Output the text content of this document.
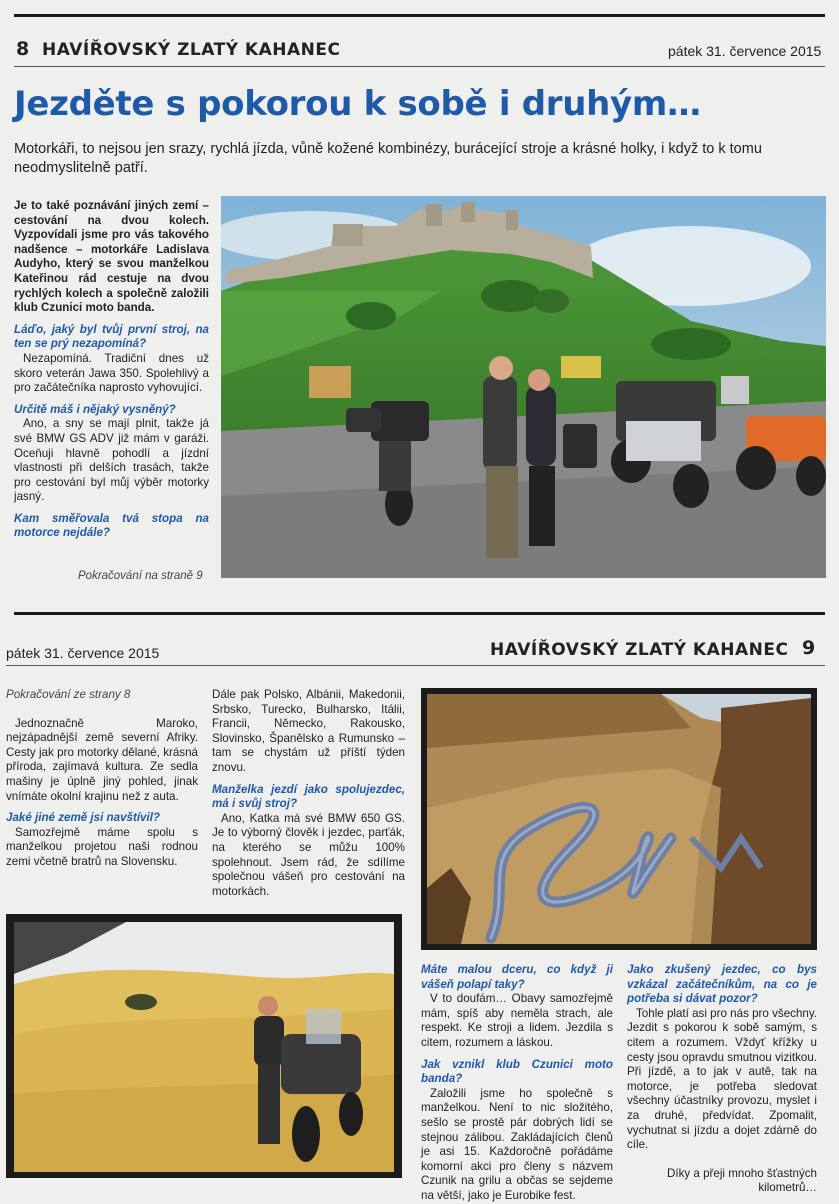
8 HAVÍŘOVSKÝ ZLATÝ KAHANEC	pátek 31. července 2015
Jezděte s pokorou k sobě i druhým…
Motorkáři, to nejsou jen srazy, rychlá jízda, vůně kožené kombinézy, burácející stroje a krásné holky, i když to k tomu neodmyslitelně patří.

Je to také poznávání jiných zemí – cestování na dvou kolech. Vyzpovídali jsme pro vás takového nadšence – motorkáře Ladislava Audyho, který se svou manželkou Kateřinou rád cestuje na dvou rychlých kolech a společně založili klub Czunici moto banda.

Láďo, jaký byl tvůj první stroj, na ten se prý nezapomíná?

Nezapomíná. Tradiční dnes už skoro veterán Jawa 350. Spolehlivý a pro začátečníka naprosto vyhovující.

Určitě máš i nějaký vysněný?

Ano, a sny se mají plnit, takže já své BMW GS ADV již mám v garáži. Oceňuji hlavně pohodlí a jízdní vlastnosti při delších trasách, takže pro cestování byl můj výběr motorky jasný.

Kam směřovala tvá stopa na motorce nejdále?

Pokračování na straně 9
pátek 31. července 2015	HAVÍŘOVSKÝ ZLATÝ KAHANEC 9

Pokračování ze strany 8

Jednoznačně Maroko, nejzápadnější země severní Afriky. Cesty jak pro motorky dělané, krásná příroda, zajímavá kultura. Ze sedla mašiny je úplně jiný pohled, jinak vnímáte okolní krajinu než z auta.

Jaké jiné země jsi navštívil?

Samozřejmě máme spolu s manželkou projetou naši rodnou zemi včetně bratrů na Slovensku.

Dále pak Polsko, Albánii, Makedonii, Srbsko, Turecko, Bulharsko, Itálii, Francii, Německo, Rakousko, Slovinsko, Španělsko a Rumunsko – tam se chystám už příští týden znovu.

Manželka jezdí jako spolujezdec, má i svůj stroj?

Ano, Katka má své BMW 650 GS. Je to výborný člověk i jezdec, parťák, na kterého se můžu 100% spolehnout. Jsem rád, že sdílíme společnou vášeň pro cestování na motorkách.

Máte malou dceru, co když ji vášeň polapí taky?

V to doufám… Obavy samozřejmě mám, spíš aby neměla strach, ale respekt. Ke stroji a lidem. Jezdila s citem, rozumem a láskou.

Jak vznikl klub Czunici moto banda?

Založili jsme ho společně s manželkou. Není to nic složitého, sešlo se prostě pár dobrých lidí se stejnou zálibou. Zakládajících členů je asi 15. Každoročně pořádáme komorní akci pro členy s názvem Czunik na grilu a občas se sejdeme na větší, jako je Eurobike fest.

Jako zkušený jezdec, co bys vzkázal začátečníkům, na co je potřeba si dávat pozor?

Tohle platí asi pro nás pro všechny. Jezdit s pokorou k sobě samým, s citem a rozumem. Vždyť křížky u cesty jsou opravdu smutnou vizitkou. Při jízdě, a to jak v autě, tak na motorce, je potřeba sledovat všechny účastníky provozu, myslet i za druhé, předvídat. Zpomalit, vychutnat si jízdu a dojet zdárně do cíle.

Díky a přeji mnoho šťastných kilometrů…
